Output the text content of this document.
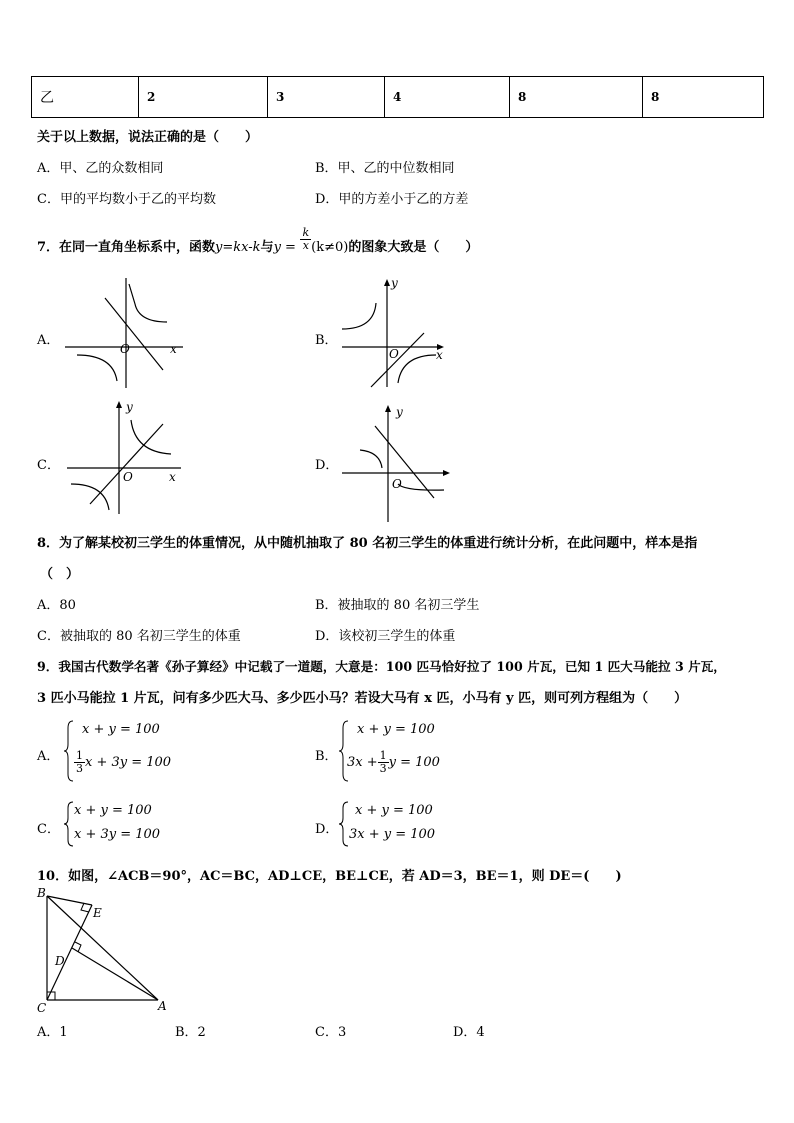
乙	2	3	4	8	8
关于以上数据，说法正确的是（　　）
A．甲、乙的众数相同	B．甲、乙的中位数相同
C．甲的平均数小于乙的平均数	D．甲的方差小于乙的方差
7．在同一直角坐标系中，函数y=kx-k与$y = \frac{k}{x} (k\ne 0)$的图象大致是（　　）
A．
O	x
B．
y
O	x
C．
y
O	x
D．
y
O
8．为了解某校初三学生的体重情况，从中随机抽取了 80 名初三学生的体重进行统计分析，在此问题中，样本是指
（　）
A．80	B．被抽取的 80 名初三学生
C．被抽取的 80 名初三学生的体重	D．该校初三学生的体重
9．我国古代数学名著《孙子算经》中记载了一道题，大意是：100 匹马恰好拉了 100 片瓦，已知 1 匹大马能拉 3 片瓦，
3 匹小马能拉 1 片瓦，问有多少匹大马、多少匹小马？若设大马有 x 匹，小马有 y 匹，则可列方程组为（　　）
A．
x + y = 100
$\frac{1}{3}$ x + 3y = 100	B．
x + y = 100
$3x + \frac{1}{3}$ y = 100
C．
x + y = 100
x + 3y = 100	D．
x + y = 100
3x + y = 100
10．如图，∠ACB＝90°，AC＝BC，AD⊥CE，BE⊥CE，若 AD＝3，BE＝1，则 DE＝(　　)
B
E
D
C	A
A．1	B．2	C．3	D．4
